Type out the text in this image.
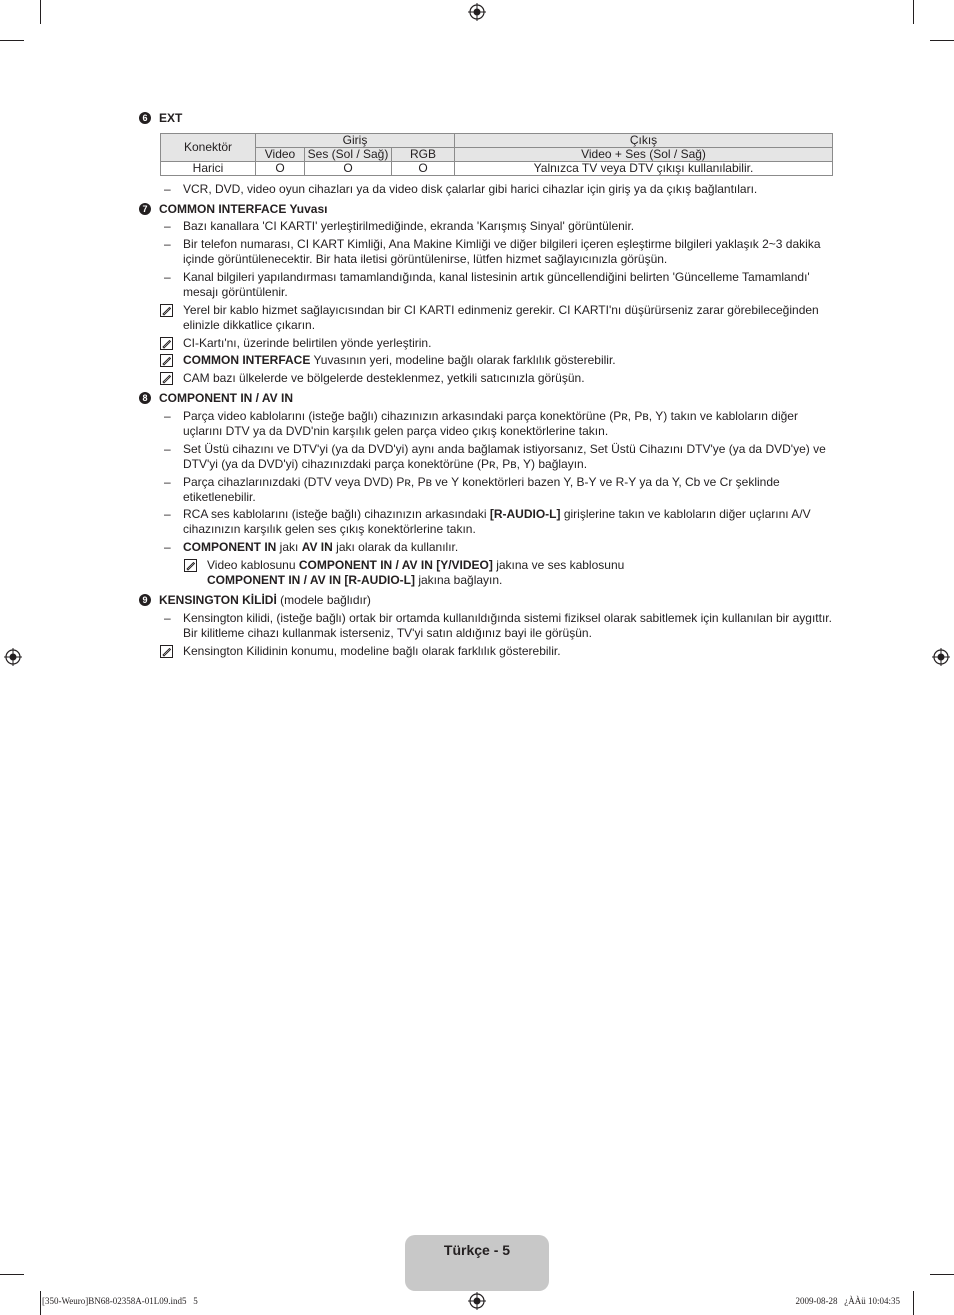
6 EXT
Konektör	Giriş			Çıkış
	Video	Ses (Sol / Sağ)	RGB	Video + Ses (Sol / Sağ)
Harici	O	O	O	Yalnızca TV veya DTV çıkışı kullanılabilir.
– VCR, DVD, video oyun cihazları ya da video disk çalarlar gibi harici cihazlar için giriş ya da çıkış bağlantıları.
7 COMMON INTERFACE Yuvası
– Bazı kanallara 'CI KARTI' yerleştirilmediğinde, ekranda 'Karışmış Sinyal' görüntülenir.
– Bir telefon numarası, CI KART Kimliği, Ana Makine Kimliği ve diğer bilgileri içeren eşleştirme bilgileri yaklaşık 2~3 dakika içinde görüntülenecektir. Bir hata iletisi görüntülenirse, lütfen hizmet sağlayıcınızla görüşün.
– Kanal bilgileri yapılandırması tamamlandığında, kanal listesinin artık güncellendiğini belirten 'Güncelleme Tamamlandı' mesajı görüntülenir.
Yerel bir kablo hizmet sağlayıcısından bir CI KARTI edinmeniz gerekir. CI KARTI'nı düşürürseniz zarar görebileceğinden elinizle dikkatlice çıkarın.
CI-Kartı'nı, üzerinde belirtilen yönde yerleştirin.
COMMON INTERFACE Yuvasının yeri, modeline bağlı olarak farklılık gösterebilir.
CAM bazı ülkelerde ve bölgelerde desteklenmez, yetkili satıcınızla görüşün.
8 COMPONENT IN / AV IN
– Parça video kablolarını (isteğe bağlı) cihazınızın arkasındaki parça konektörüne (Pʀ, Pʙ, Y) takın ve kabloların diğer uçlarını DTV ya da DVD'nin karşılık gelen parça video çıkış konektörlerine takın.
– Set Üstü cihazını ve DTV'yi (ya da DVD'yi) aynı anda bağlamak istiyorsanız, Set Üstü Cihazını DTV'ye (ya da DVD'ye) ve DTV'yi (ya da DVD'yi) cihazınızdaki parça konektörüne (Pʀ, Pʙ, Y) bağlayın.
– Parça cihazlarınızdaki (DTV veya DVD) Pʀ, Pʙ ve Y konektörleri bazen Y, B-Y ve R-Y ya da Y, Cb ve Cr şeklinde etiketlenebilir.
– RCA ses kablolarını (isteğe bağlı) cihazınızın arkasındaki [R-AUDIO-L] girişlerine takın ve kabloların diğer uçlarını A/V cihazınızın karşılık gelen ses çıkış konektörlerine takın.
– COMPONENT IN jakı AV IN jakı olarak da kullanılır.
Video kablosunu COMPONENT IN / AV IN [Y/VIDEO] jakına ve ses kablosunu
COMPONENT IN / AV IN [R-AUDIO-L] jakına bağlayın.
9 KENSINGTON KİLİDİ (modele bağlıdır)
– Kensington kilidi, (isteğe bağlı) ortak bir ortamda kullanıldığında sistemi fiziksel olarak sabitlemek için kullanılan bir aygıttır. Bir kilitleme cihazı kullanmak isterseniz, TV'yi satın aldığınız bayi ile görüşün.
Kensington Kilidinin konumu, modeline bağlı olarak farklılık gösterebilir.
Türkçe - 5
[350-Weuro]BN68-02358A-01L09.ind5   5	2009-08-28   ¿ÀÀü 10:04:35
